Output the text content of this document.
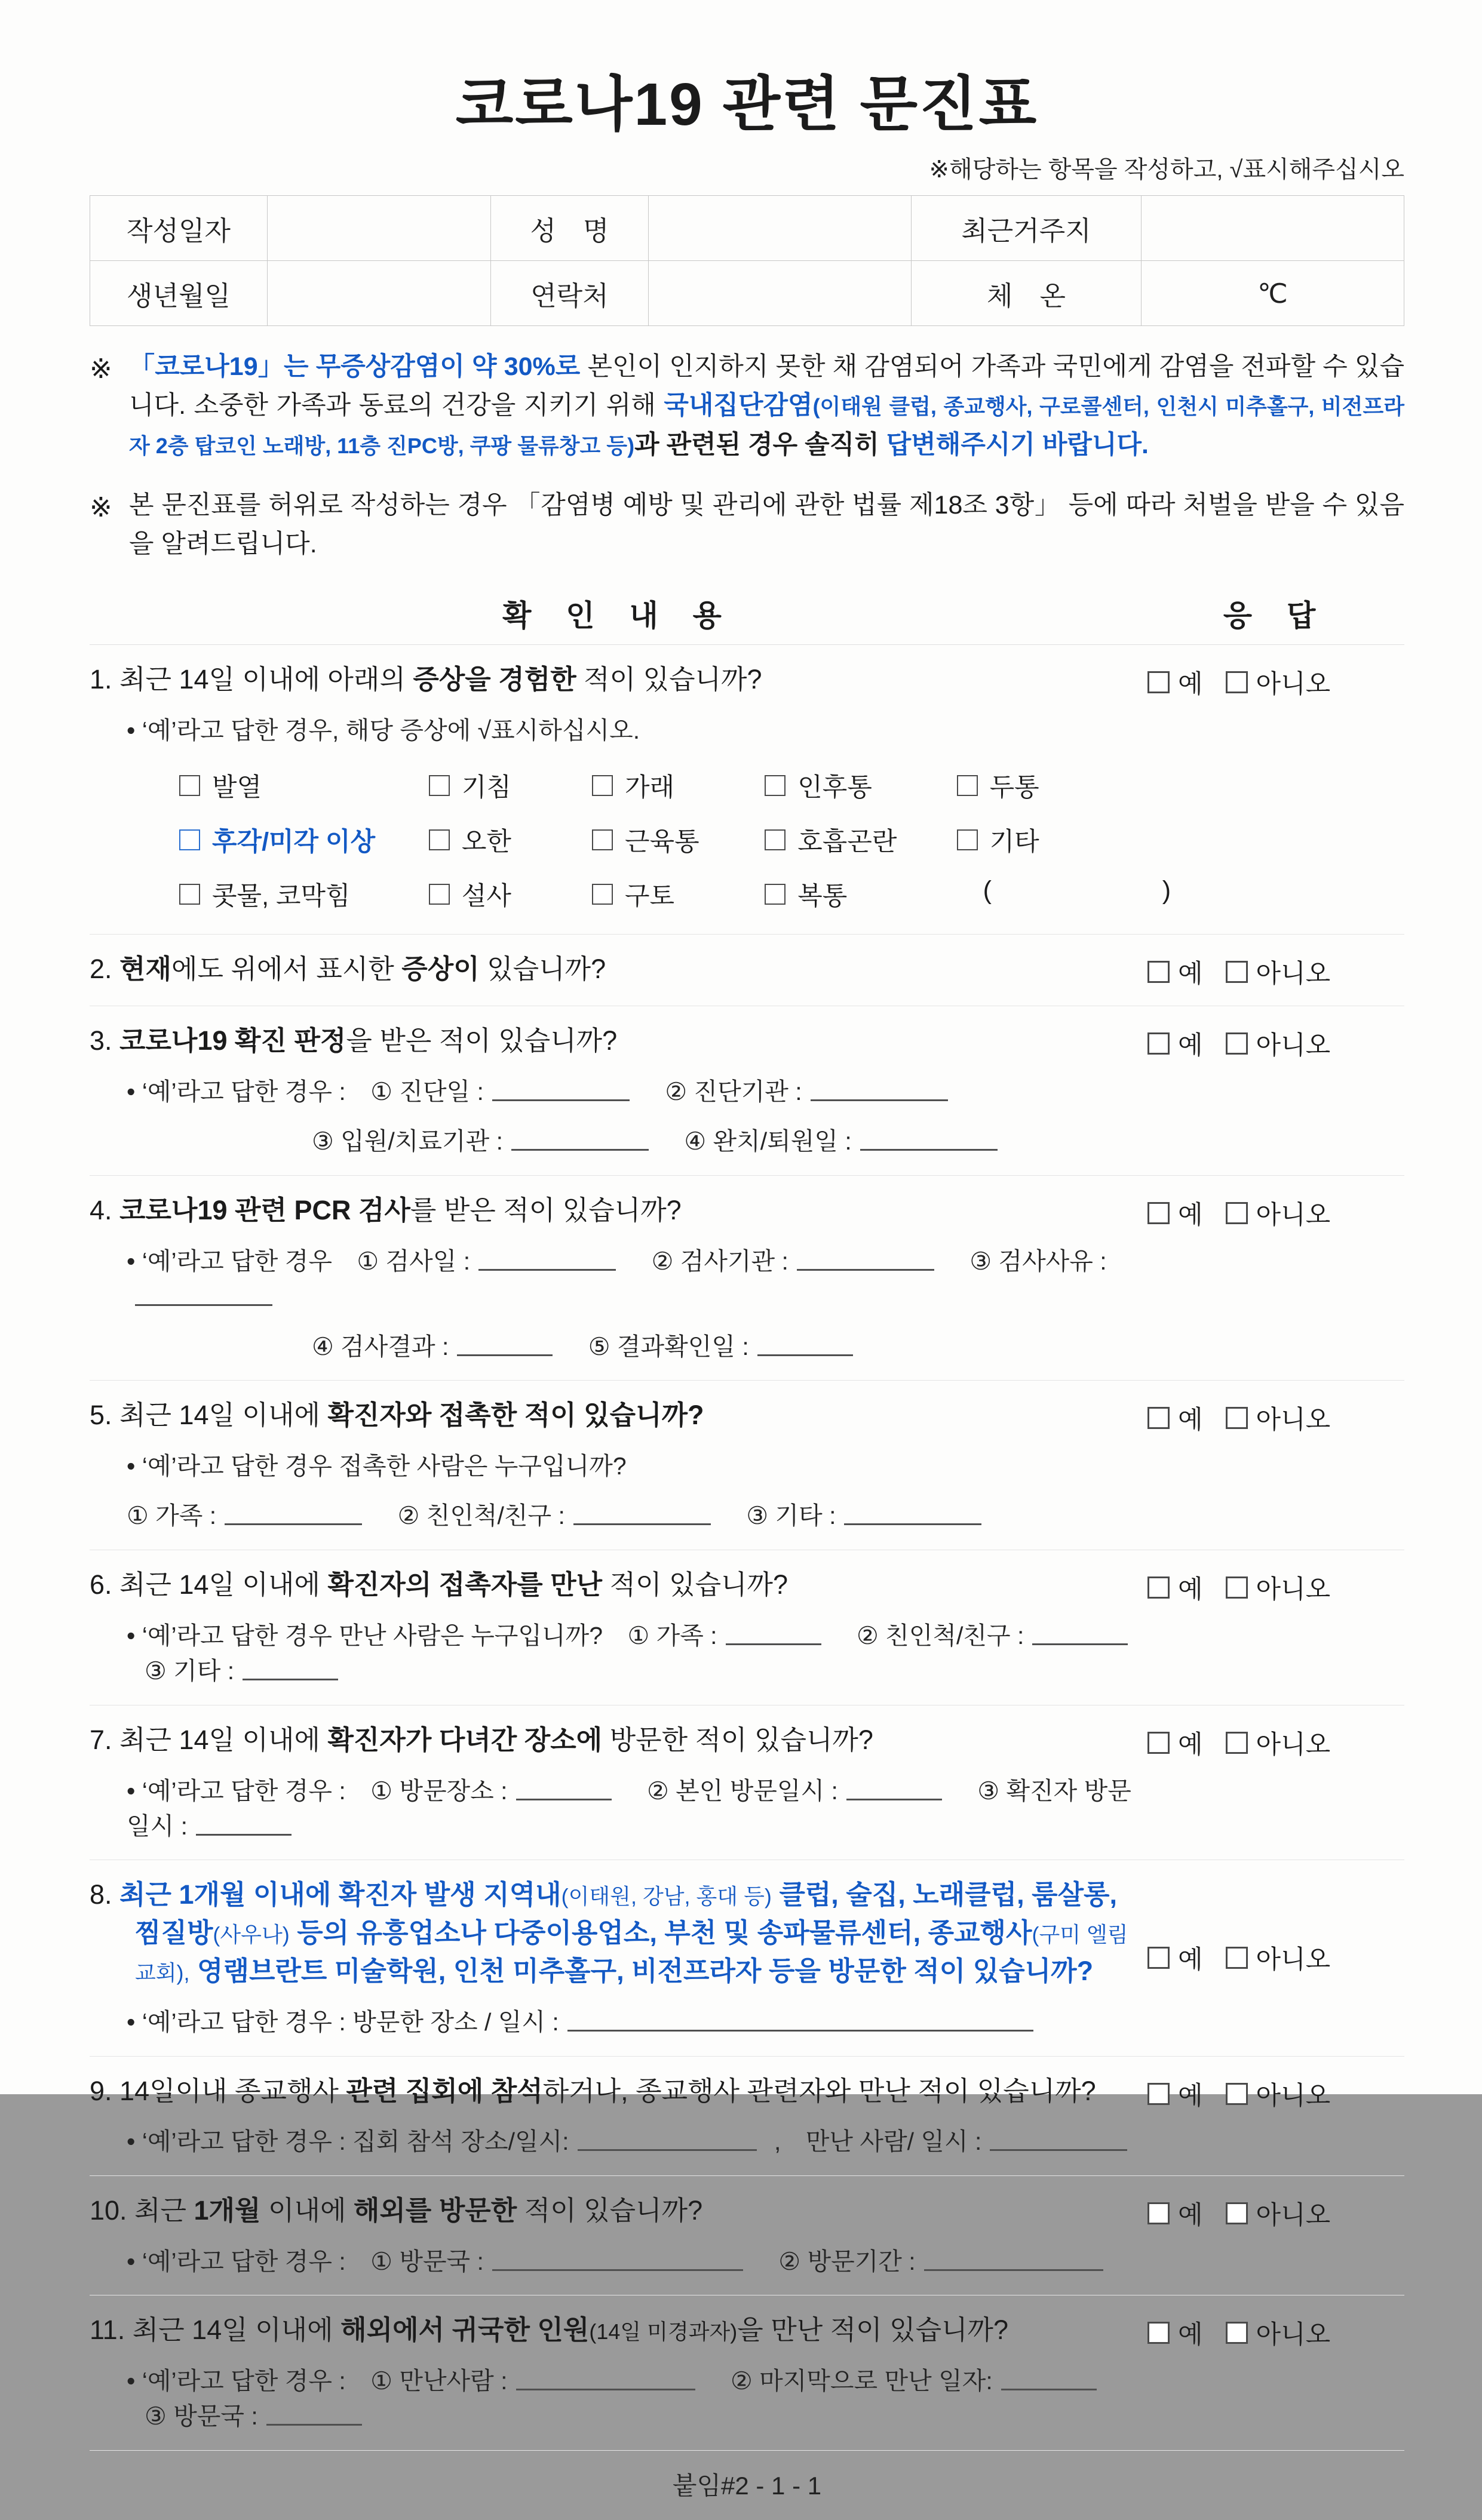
코로나19 관련 문진표
※해당하는 항목을 작성하고, √표시해주십시오
작성일자		성　명		최근거주지	
생년월일		연락처		체　온	℃
※ 「코로나19」는 무증상감염이 약 30%로 본인이 인지하지 못한 채 감염되어 가족과 국민에게 감염을 전파할 수 있습니다. 소중한 가족과 동료의 건강을 지키기 위해 국내집단감염(이태원 클럽, 종교행사, 구로콜센터, 인천시 미추홀구, 비전프라자 2층 탑코인 노래방, 11층 진PC방, 쿠팡 물류창고 등)과 관련된 경우 솔직히 답변해주시기 바랍니다.
※ 본 문진표를 허위로 작성하는 경우 「감염병 예방 및 관리에 관한 법률 제18조 3항」 등에 따라 처벌을 받을 수 있음을 알려드립니다.
확 인 내 용	응 답
1. 최근 14일 이내에 아래의 증상을 경험한 적이 있습니까?
• ‘예’라고 답한 경우, 해당 증상에 √표시하십시오.
발열	기침	가래	인후통	두통
후각/미각 이상	오한	근육통	호흡곤란	기타
콧물, 코막힘	설사	구토	복통	(                      )
예 아니오
2. 현재에도 위에서 표시한 증상이 있습니까?	예 아니오
3. 코로나19 확진 판정을 받은 적이 있습니까?
• ‘예’라고 답한 경우 : ① 진단일 :	② 진단기관 :
③ 입원/치료기관 :	④ 완치/퇴원일 :
예 아니오
4. 코로나19 관련 PCR 검사를 받은 적이 있습니까?
• ‘예’라고 답한 경우 ① 검사일 :	② 검사기관 :	③ 검사사유 :
④ 검사결과 :	⑤ 결과확인일 :
예 아니오
5. 최근 14일 이내에 확진자와 접촉한 적이 있습니까?
• ‘예’라고 답한 경우 접촉한 사람은 누구입니까?
① 가족 :	② 친인척/친구 :	③ 기타 :
예 아니오
6. 최근 14일 이내에 확진자의 접촉자를 만난 적이 있습니까?
• ‘예’라고 답한 경우 만난 사람은 누구입니까? ① 가족 :	② 친인척/친구 : ③ 기타 :
예 아니오
7. 최근 14일 이내에 확진자가 다녀간 장소에 방문한 적이 있습니까?
• ‘예’라고 답한 경우 : ① 방문장소 :	② 본인 방문일시 :	③ 확진자 방문일시 :
예 아니오
8. 최근 1개월 이내에 확진자 발생 지역내(이태원, 강남, 홍대 등) 클럽, 술집, 노래클럽, 룸살롱, 찜질방(사우나) 등의 유흥업소나 다중이용업소, 부천 및 송파물류센터, 종교행사(구미 엘림교회), 영램브란트 미술학원, 인천 미추홀구, 비전프라자 등을 방문한 적이 있습니까?
• ‘예’라고 답한 경우 : 방문한 장소 / 일시 :
예 아니오
9. 14일이내 종교행사 관련 집회에 참석하거나, 종교행사 관련자와 만난 적이 있습니까?
• ‘예’라고 답한 경우 : 집회 참석 장소/일시:	, 만난 사람/ 일시 :
예 아니오
10. 최근 1개월 이내에 해외를 방문한 적이 있습니까?
• ‘예’라고 답한 경우 : ① 방문국 :	② 방문기간 :
예 아니오
11. 최근 14일 이내에 해외에서 귀국한 인원(14일 미경과자)을 만난 적이 있습니까?
• ‘예’라고 답한 경우 : ① 만난사람 :	② 마지막으로 만난 일자: ③ 방문국 :
예 아니오
붙임#2 - 1 - 1
